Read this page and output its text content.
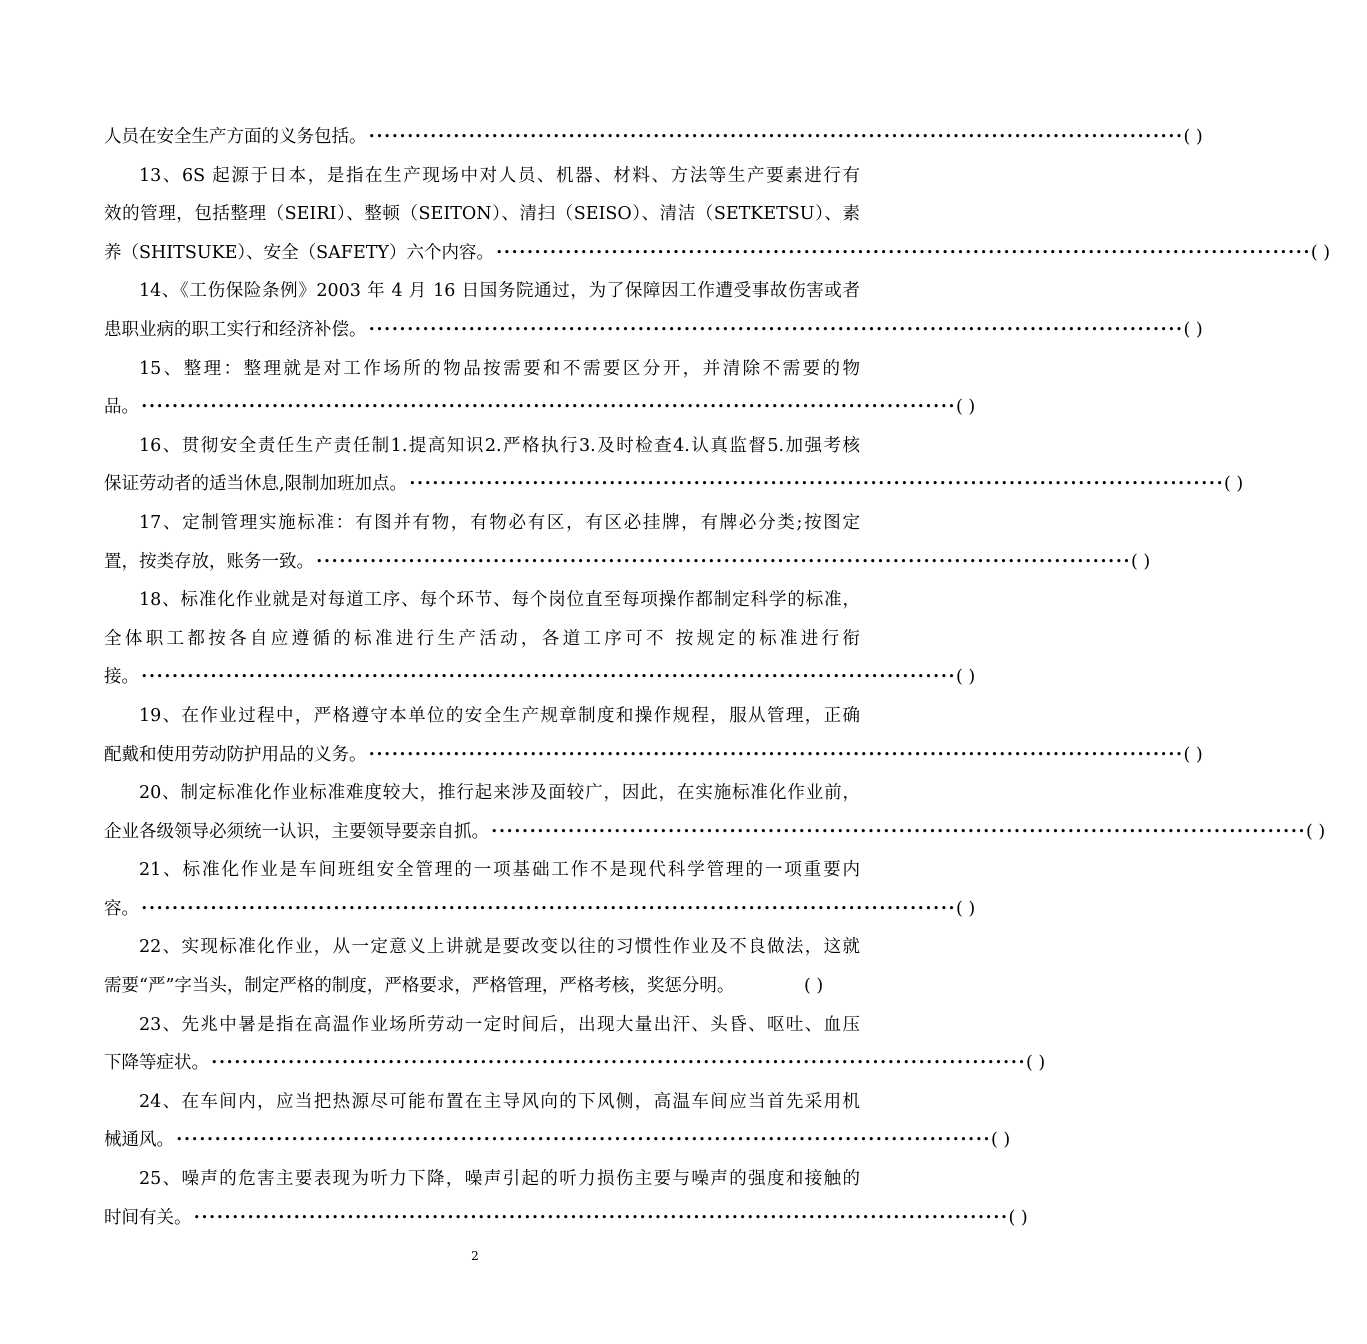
人员在安全生产方面的义务包括。 •••••••••••••••••••••••••••••••••••••••••••••••••••••••••••••••••••••••••••••••••••••••••••••••••••••••••• ( )
13、6S 起源于日本，是指在生产现场中对人员、机器、材料、方法等生产要素进行有
效的管理，包括整理（SEIRI）、整顿（SEITON）、清扫（SEISO）、清洁（SETKETSU）、素
养（SHITSUKE）、安全（SAFETY）六个内容。 •••••••••••••••••••••••••••••••••••••••••••••••••••••••••••••••••••••••••••••••••••••••••••••••••••••••••• ( )
14、《工伤保险条例》2003 年 4 月 16 日国务院通过，为了保障因工作遭受事故伤害或者
患职业病的职工实行和经济补偿。 •••••••••••••••••••••••••••••••••••••••••••••••••••••••••••••••••••••••••••••••••••••••••••••••••••••••••• ( )
15、整理：整理就是对工作场所的物品按需要和不需要区分开，并清除不需要的物
品。 •••••••••••••••••••••••••••••••••••••••••••••••••••••••••••••••••••••••••••••••••••••••••••••••••••••••••• ( )
16、贯彻安全责任生产责任制1.提高知识2.严格执行3.及时检查4.认真监督5.加强考核
保证劳动者的适当休息,限制加班加点。 •••••••••••••••••••••••••••••••••••••••••••••••••••••••••••••••••••••••••••••••••••••••••••••••••••••••••• ( )
17、定制管理实施标准：有图并有物，有物必有区，有区必挂牌，有牌必分类;按图定
置，按类存放，账务一致。 •••••••••••••••••••••••••••••••••••••••••••••••••••••••••••••••••••••••••••••••••••••••••••••••••••••••••• ( )
18、标准化作业就是对每道工序、每个环节、每个岗位直至每项操作都制定科学的标准，
全体职工都按各自应遵循的标准进行生产活动，各道工序可不 按规定的标准进行衔
接。 •••••••••••••••••••••••••••••••••••••••••••••••••••••••••••••••••••••••••••••••••••••••••••••••••••••••••• ( )
19、在作业过程中，严格遵守本单位的安全生产规章制度和操作规程，服从管理，正确
配戴和使用劳动防护用品的义务。 •••••••••••••••••••••••••••••••••••••••••••••••••••••••••••••••••••••••••••••••••••••••••••••••••••••••••• ( )
20、制定标准化作业标准难度较大，推行起来涉及面较广，因此，在实施标准化作业前，
企业各级领导必须统一认识，主要领导要亲自抓。 •••••••••••••••••••••••••••••••••••••••••••••••••••••••••••••••••••••••••••••••••••••••••••••••••••••••••• ( )
21、标准化作业是车间班组安全管理的一项基础工作不是现代科学管理的一项重要内
容。 •••••••••••••••••••••••••••••••••••••••••••••••••••••••••••••••••••••••••••••••••••••••••••••••••••••••••• ( )
22、实现标准化作业，从一定意义上讲就是要改变以往的习惯性作业及不良做法，这就
需要“严”字当头，制定严格的制度，严格要求，严格管理，严格考核，奖惩分明。	( )
23、先兆中暑是指在高温作业场所劳动一定时间后，出现大量出汗、头昏、呕吐、血压
下降等症状。 •••••••••••••••••••••••••••••••••••••••••••••••••••••••••••••••••••••••••••••••••••••••••••••••••••••••••• ( )
24、在车间内，应当把热源尽可能布置在主导风向的下风侧，高温车间应当首先采用机
械通风。 •••••••••••••••••••••••••••••••••••••••••••••••••••••••••••••••••••••••••••••••••••••••••••••••••••••••••• ( )
25、噪声的危害主要表现为听力下降，噪声引起的听力损伤主要与噪声的强度和接触的
时间有关。 •••••••••••••••••••••••••••••••••••••••••••••••••••••••••••••••••••••••••••••••••••••••••••••••••••••••••• ( )
2
